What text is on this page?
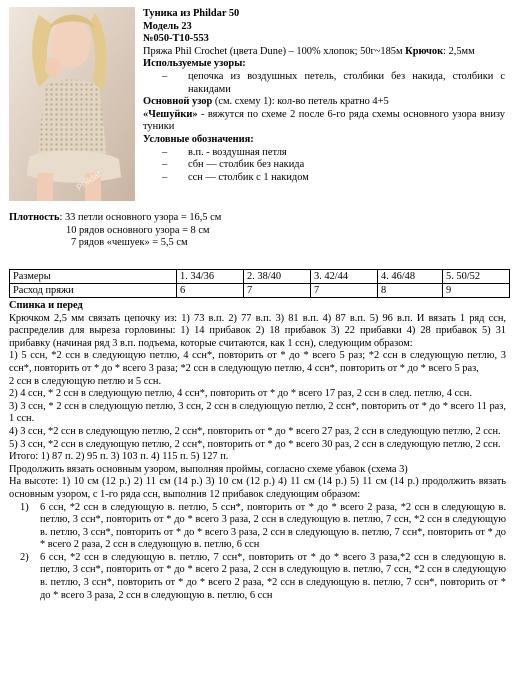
Phildar

Туника из Phildar 50

Модель 23

№050-Т10-553

Пряжа Phil Crochet (цвета Dune) – 100% хлопок; 50г~185м Крючок: 2,5мм

Используемые узоры:

– цепочка из воздушных петель, столбики без накида, столбики с накидами

Основной узор (см. схему 1): кол-во петель кратно 4+5

«Чешуйки» - вяжутся по схеме 2 после 6-го ряда схемы основного узора внизу туники

Условные обозначения:

– в.п. - воздушная петля

– сбн — столбик без накида

– ссн — столбик с 1 накидом

Плотность: 33 петли основного узора = 16,5 см

10 рядов основного узора = 8 см

7 рядов «чешуек» = 5,5 см

Размеры	1. 34/36	2. 38/40	3. 42/44	4. 46/48	5. 50/52
Расход пряжи	6	7	7	8	9

Спинка и перед

Крючком 2,5 мм связать цепочку из: 1) 73 в.п. 2) 77 в.п. 3) 81 в.п. 4) 87 в.п. 5) 96 в.п. И вязать 1 ряд ссн, распределив для выреза горловины: 1) 14 прибавок 2) 18 прибавок 3) 22 прибавки 4) 28 прибавок 5) 31 прибавку (начиная ряд 3 в.п. подъема, которые считаются, как 1 ссн), следующим образом:

1) 5 ссн, *2 ссн в следующую петлю, 4 ссн*, повторить от * до * всего 5 раз; *2 ссн в следующую петлю, 3 ссн*, повторить от * до * всего 3 раза; *2 ссн в следующую петлю, 4 ссн*, повторить от * до * всего 5 раз,

2 ссн в следующую петлю и 5 ссн.

2) 4 ссн, * 2 ссн в следующую петлю, 4 ссн*, повторить от * до * всего 17 раз, 2 ссн в след. петлю, 4 ссн.

3) 3 ссн, * 2 ссн в следующую петлю, 3 ссн, 2 ссн в следующую петлю, 2 ссн*, повторить от * до * всего 11 раз, 1 ссн.

4) 3 ссн, *2 ссн в следующую петлю, 2 ссн*, повторить от * до * всего 27 раз, 2 ссн в следующую петлю, 2 ссн.

5) 3 ссн, *2 ссн в следующую петлю, 2 ссн*, повторить от * до * всего 30 раз, 2 ссн в следующую петлю, 2 ссн.

Итого: 1) 87 п. 2) 95 п. 3) 103 п. 4) 115 п. 5) 127 п.

Продолжить вязать основным узором, выполняя проймы, согласно схеме убавок (схема 3)

На высоте: 1) 10 см (12 р.) 2) 11 см (14 р.) 3) 10 см (12 р.) 4) 11 см (14 р.) 5) 11 см (14 р.) продолжить вязать основным узором, с 1-го ряда ссн, выполнив 12 прибавок следующим образом:

1) 6 ссн, *2 ссн в следующую в. петлю, 5 ссн*, повторить от * до * всего 2 раза, *2 ссн в следующую в. петлю, 3 ссн*, повторить от * до * всего 3 раза, 2 ссн в следующую в. петлю, 7 ссн, *2 ссн в следующую в. петлю, 3 ссн*, повторить от * до * всего 3 раза, 2 ссн в следующую в. петлю, 7 ссн*, повторить от * до * всего 2 раза, 2 ссн в следующую в. петлю, 6 ссн

2) 6 ссн, *2 ссн в следующую в. петлю, 7 ссн*, повторить от * до * всего 3 раза,*2 ссн в следующую в. петлю, 3 ссн*, повторить от * до * всего 2 раза, 2 ссн в следующую в. петлю, 7 ссн, *2 ссн в следующую в. петлю, 3 ссн*, повторить от * до * всего 2 раза, *2 ссн в следующую в. петлю, 7 ссн*, повторить от * до * всего 3 раза, 2 ссн в следующую в. петлю, 6 ссн
